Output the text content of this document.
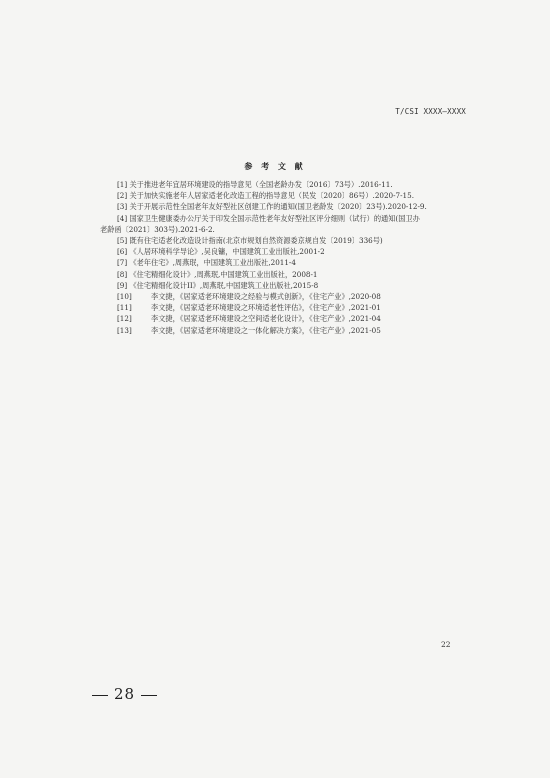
T/CSI XXXX—XXXX
参 考 文 献
[1] 关于推进老年宜居环境建设的指导意见（全国老龄办发〔2016〕73号）.2016-11.
[2] 关于加快实施老年人居家适老化改造工程的指导意见（民发〔2020〕86号）.2020-7-15.
[3] 关于开展示范性全国老年友好型社区创建工作的通知(国卫老龄发〔2020〕23号).2020-12-9.
[4] 国家卫生健康委办公厅关于印发全国示范性老年友好型社区评分细则（试行）的通知(国卫办
老龄函〔2021〕303号).2021-6-2.
[5] 既有住宅适老化改造设计指南(北京市规划自然资源委京规自发〔2019〕336号)
[6] 《人居环境科学导论》,吴良镛，中国建筑工业出版社,2001-2
[7] 《老年住宅》,周燕珉，中国建筑工业出版社,2011-4
[8] 《住宅精细化设计》,周燕珉,中国建筑工业出版社，2008-1
[9] 《住宅精细化设计II》,周燕珉,中国建筑工业出版社,2015-8
[10]	李文捷，《居家适老环境建设之经验与模式创新》，《住宅产业》,2020-08
[11]	李文捷，《居家适老环境建设之环境适老性评估》，《住宅产业》,2021-01
[12]	李文捷，《居家适老环境建设之空间适老化设计》，《住宅产业》,2021-04
[13]	李文捷，《居家适老环境建设之一体化解决方案》，《住宅产业》,2021-05
22
28
